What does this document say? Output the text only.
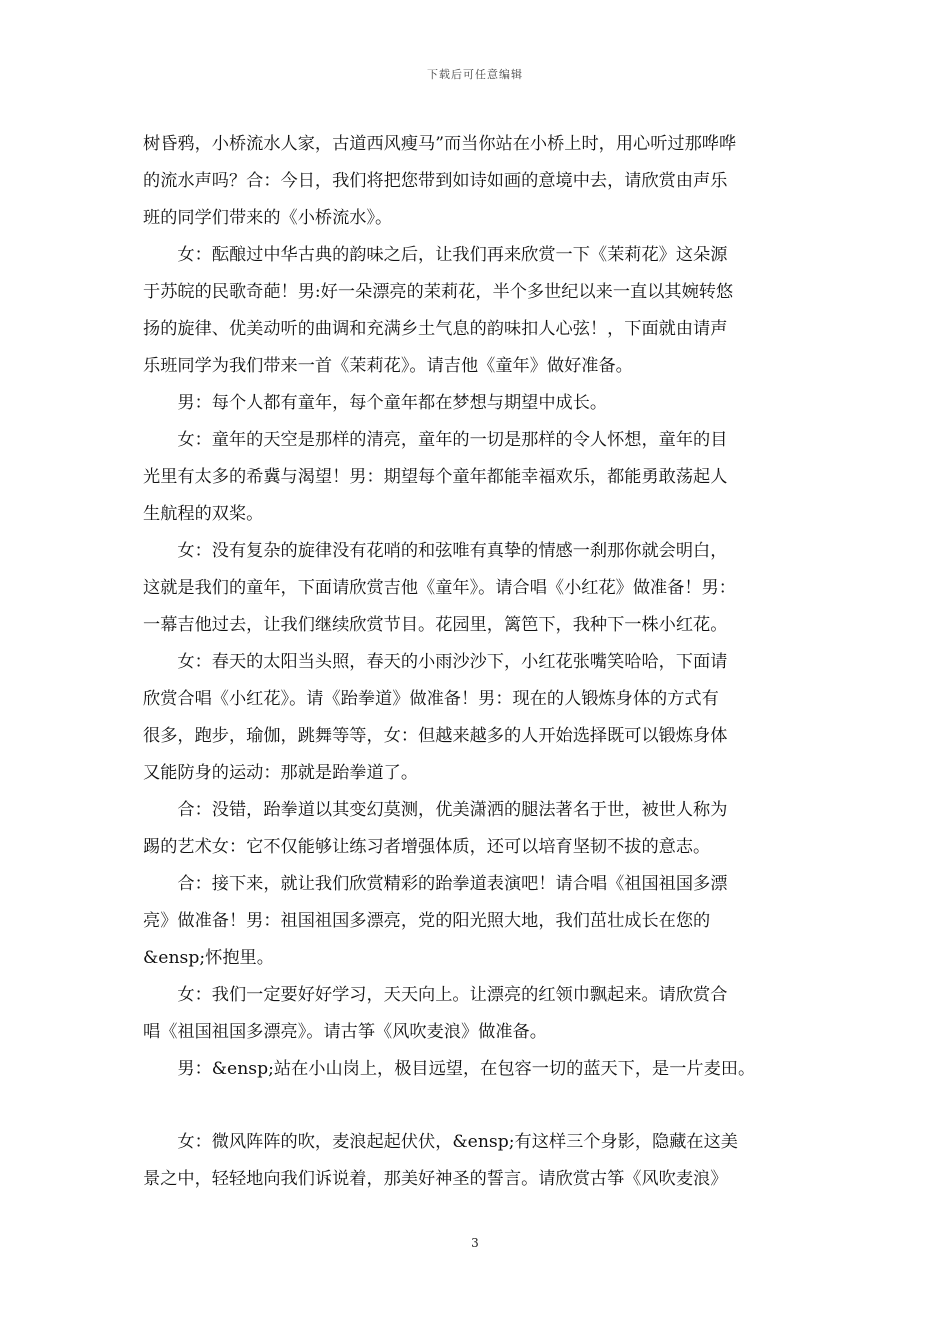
下载后可任意编辑
树昏鸦，小桥流水人家，古道西风瘦马”而当你站在小桥上时，用心听过那哗哗
的流水声吗？合：今日，我们将把您带到如诗如画的意境中去，请欣赏由声乐
班的同学们带来的《小桥流水》。
　　女：酝酿过中华古典的韵味之后，让我们再来欣赏一下《茉莉花》这朵源
于苏皖的民歌奇葩！男:好一朵漂亮的茉莉花，半个多世纪以来一直以其婉转悠
扬的旋律、优美动听的曲调和充满乡土气息的韵味扣人心弦！，下面就由请声
乐班同学为我们带来一首《茉莉花》。请吉他《童年》做好准备。
　　男：每个人都有童年，每个童年都在梦想与期望中成长。
　　女：童年的天空是那样的清亮，童年的一切是那样的令人怀想，童年的目
光里有太多的希冀与渴望！男：期望每个童年都能幸福欢乐，都能勇敢荡起人
生航程的双桨。
　　女：没有复杂的旋律没有花哨的和弦唯有真挚的情感一刹那你就会明白，
这就是我们的童年，下面请欣赏吉他《童年》。请合唱《小红花》做准备！男：
一幕吉他过去，让我们继续欣赏节目。花园里，篱笆下，我种下一株小红花。
　　女：春天的太阳当头照，春天的小雨沙沙下，小红花张嘴笑哈哈，下面请
欣赏合唱《小红花》。请《跆拳道》做准备！男：现在的人锻炼身体的方式有
很多，跑步，瑜伽，跳舞等等，女：但越来越多的人开始选择既可以锻炼身体
又能防身的运动：那就是跆拳道了。
　　合：没错，跆拳道以其变幻莫测，优美潇洒的腿法著名于世，被世人称为
踢的艺术女：它不仅能够让练习者增强体质，还可以培育坚韧不拔的意志。
　　合：接下来，就让我们欣赏精彩的跆拳道表演吧！请合唱《祖国祖国多漂
亮》做准备！男：祖国祖国多漂亮，党的阳光照大地，我们茁壮成长在您的
&ensp;怀抱里。
　　女：我们一定要好好学习，天天向上。让漂亮的红领巾飘起来。请欣赏合
唱《祖国祖国多漂亮》。请古筝《风吹麦浪》做准备。
　　男：&ensp;站在小山岗上，极目远望，在包容一切的蓝天下，是一片麦田。
　　女：微风阵阵的吹，麦浪起起伏伏，&ensp;有这样三个身影，隐藏在这美
景之中，轻轻地向我们诉说着，那美好神圣的誓言。请欣赏古筝《风吹麦浪》
3
